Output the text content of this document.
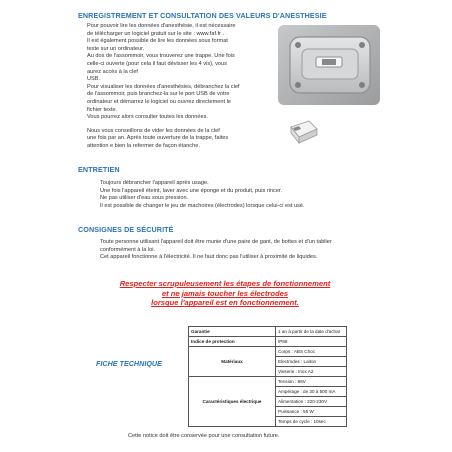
ENREGISTREMENT ET CONSULTATION DES VALEURS D'ANESTHESIE

Pour pouvoir lire les données d'anesthésie, il est nécessaire

de télécharger un logiciel gratuit sur le site : www.faf.fr .

Il est également possible de lire les données sous format

texte sur un ordinateur.

Au dos de l'assommoir, vous trouverez une trappe. Une fois

celle-ci ouverte (pour cela il faut dévisser les 4 vis), vous

aurez accès à la clef

USB.

Pour visualiser les données d'anesthésies, débranchez la clef

de l'assommoir, puis branchez-la sur le port USB de votre

ordinateur et démarrez le logiciel ou ouvrez directement le

fichier texte.

Vous pourrez alors consulter toutes les données.

Nous vous conseillons de vider les données de la clef

une fois par an. Après toute ouverture de la trappe, faites

attention e bien la refermer de façon étanche.

ENTRETIEN

Toujours débrancher l'appareil après usage.

Une fois l'appareil éteint, laver avec une éponge et du produit, puis rincer.

Ne pas utiliser d'eau sous pression.

Il est possible de changer le jeu de machoires (électrodes) lorsque celui-ci est usé.

CONSIGNES DE SÉCURITÉ

Toute personne utilisant l'appareil doit être munie d'une paire de gant, de bottes et d'un tablier

conformément à la loi.

Cet appareil fonctionne à l'électricité. Il ne faut donc pas l'utiliser à proximité de liquides.

Respecter scrupuleusement les étapes de fonctionnement

et ne jamais toucher les électrodes

lorsque l'appareil est en fonctionnement.

FICHE TECHNIQUE
Garantie	1 an à partir de la date d'achat
Indice de protection	IP68
Matériaux	Corps : ABS Choc
	Electrodes : Laiton
	Visserie : Inox A2
Caractéristiques électrique	Tension : 86V
	Ampérage : de 30 à 500 mA
	Alimentation : 220-230V
	Puissance : 55 W
	Temps de cycle : 10sec
Cette notice doit être conservée pour une consultation future.
